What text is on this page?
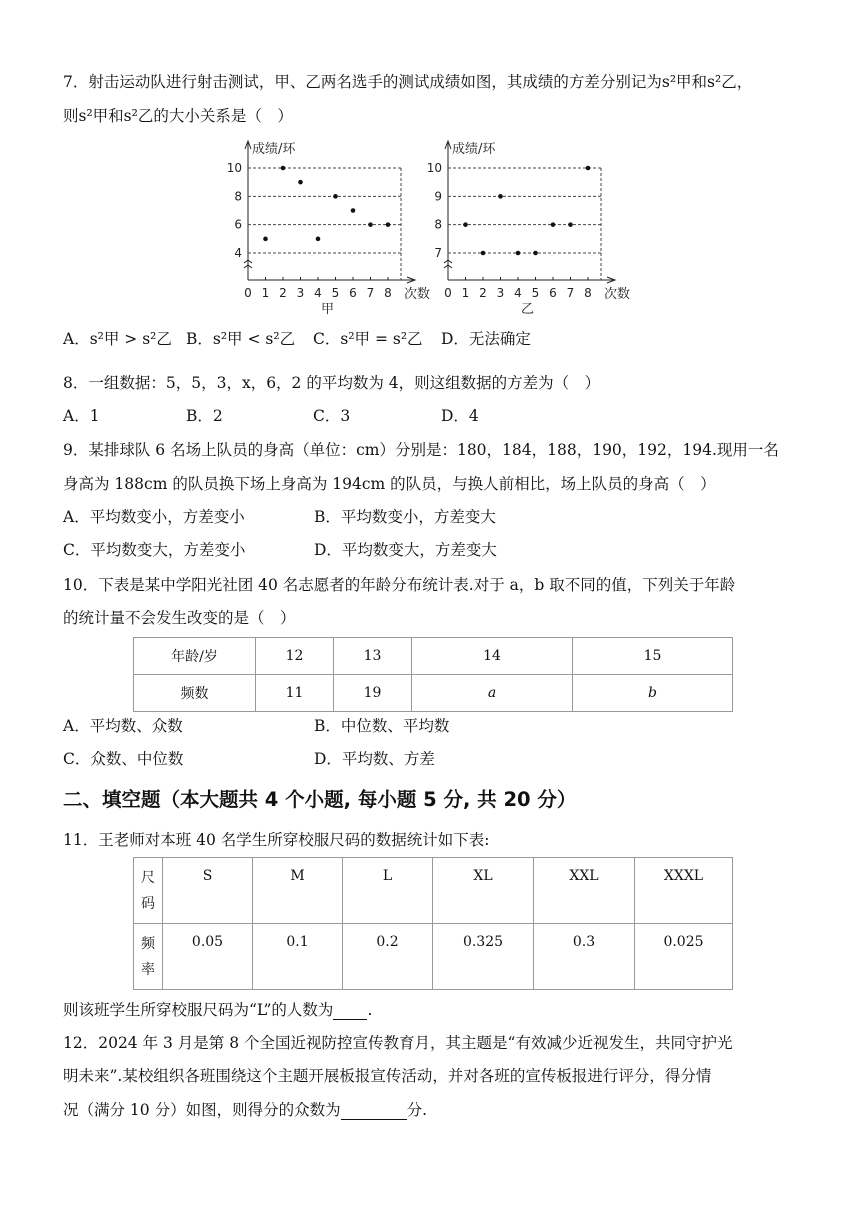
7．射击运动队进行射击测试，甲、乙两名选手的测试成绩如图，其成绩的方差分别记为s²甲和s²乙，
则s²甲和s²乙的大小关系是（　）
4
6
8
10
0 1 2 3 4 5 6 7 8
成绩/环
次数
甲
7
8
9
10
0 1 2 3 4 5 6 7 8
成绩/环
次数
乙
A．s²甲 > s²乙 B．s²甲 < s²乙 C．s²甲 = s²乙 D．无法确定
8．一组数据：5，5，3，x，6，2 的平均数为 4，则这组数据的方差为（　）
A．1	B．2	C．3	D．4
9．某排球队 6 名场上队员的身高（单位：cm）分别是：180，184，188，190，192，194.现用一名
身高为 188cm 的队员换下场上身高为 194cm 的队员，与换人前相比，场上队员的身高（　）
A．平均数变小，方差变小	B．平均数变小，方差变大
C．平均数变大，方差变小	D．平均数变大，方差变大
10．下表是某中学阳光社团 40 名志愿者的年龄分布统计表.对于 a，b 取不同的值，下列关于年龄
的统计量不会发生改变的是（　）
年龄/岁	12	13	14	15
频数	11	19	a	b
A．平均数、众数	B．中位数、平均数
C．众数、中位数	D．平均数、方差
二、填空题（本大题共 4 个小题, 每小题 5 分, 共 20 分）
11．王老师对本班 40 名学生所穿校服尺码的数据统计如下表:
尺
码	S	M	L	XL	XXL	XXXL

频
率	0.05	0.1	0.2	0.325	0.3	0.025
则该班学生所穿校服尺码为“L”的人数为 .
12．2024 年 3 月是第 8 个全国近视防控宣传教育月，其主题是“有效减少近视发生，共同守护光
明未来”.某校组织各班围绕这个主题开展板报宣传活动，并对各班的宣传板报进行评分，得分情
况（满分 10 分）如图，则得分的众数为	分.
